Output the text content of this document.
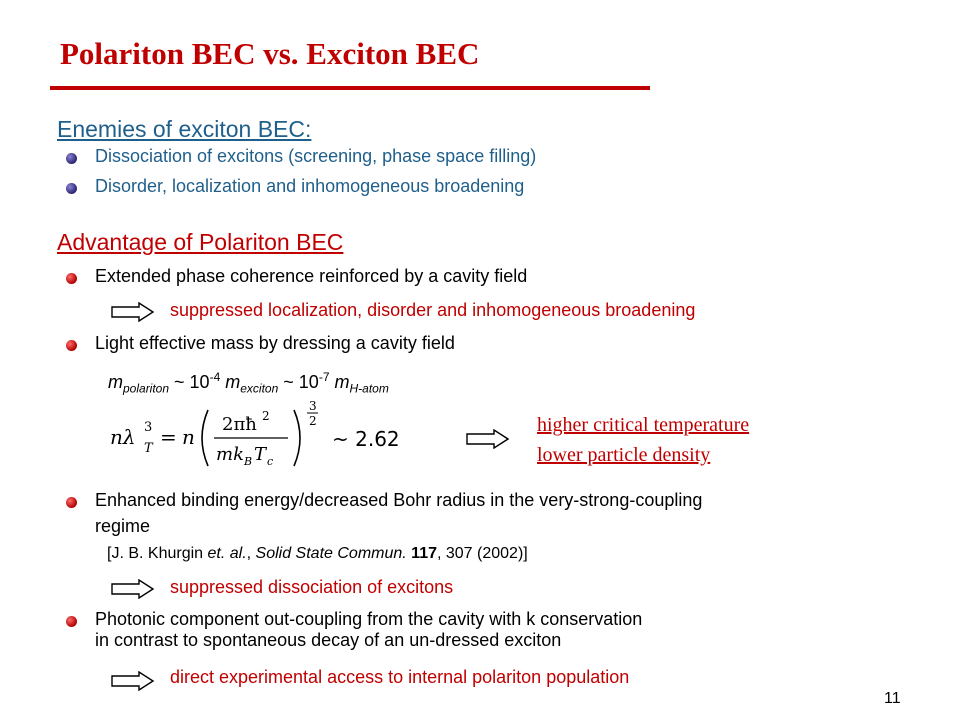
Polariton BEC vs. Exciton BEC
Enemies of exciton BEC:
Dissociation of excitons (screening, phase space filling)
Disorder, localization and inhomogeneous broadening
Advantage of Polariton BEC
Extended phase coherence reinforced by a cavity field
suppressed localization, disorder and inhomogeneous broadening
Light effective mass by dressing a cavity field
$m_{polariton}$ ~ $10^{-4}$ $m_{exciton}$ ~ $10^{-7}$ $m_{H-atom}$
nλ 3
T = n
2πħ 2
mk B T c
3
2
~ 2.62
higher critical temperature
lower particle density
Enhanced binding energy/decreased Bohr radius in the very-strong-coupling
regime
[J. B. Khurgin et. al., Solid State Commun. 117, 307 (2002)]
suppressed dissociation of excitons
Photonic component out-coupling from the cavity with k conservation
in contrast to spontaneous decay of an un-dressed exciton
direct experimental access to internal polariton population
11
